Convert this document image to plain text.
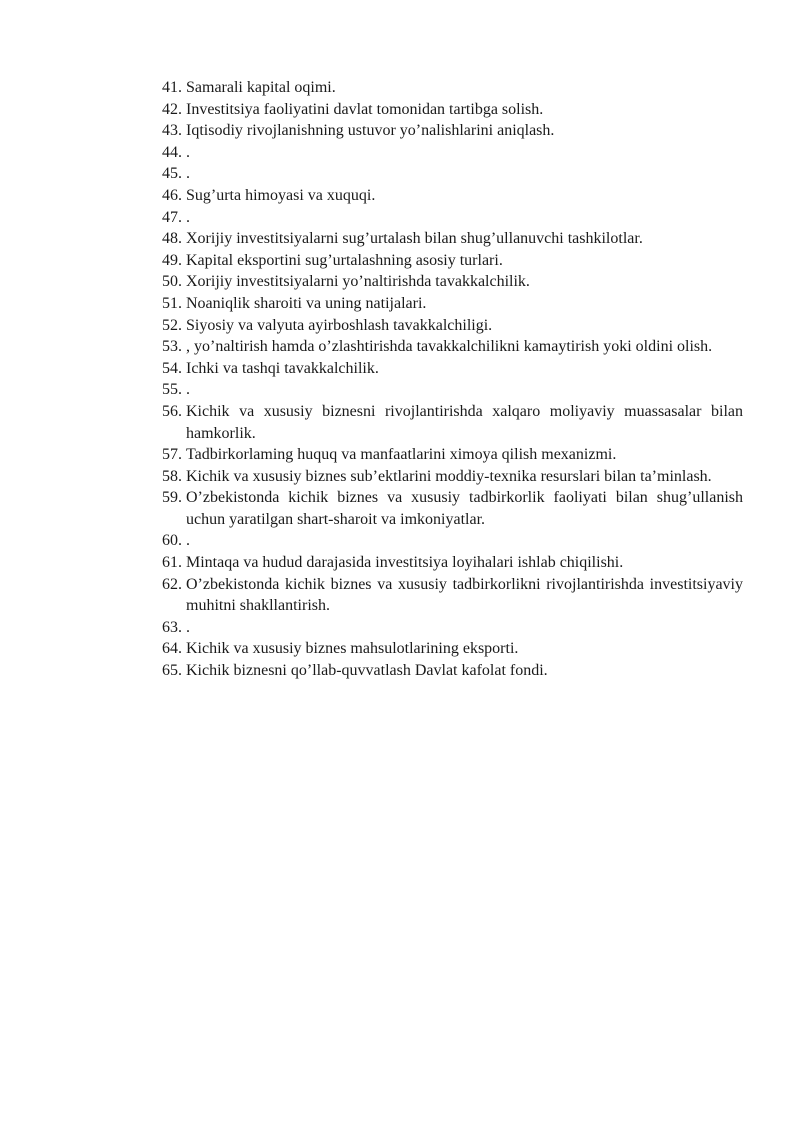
41. Samarali kapital oqimi.
42. Investitsiya faoliyatini davlat tomonidan tartibga solish.
43. Iqtisodiy rivojlanishning ustuvor yo’nalishlarini aniqlash.
44. .
45. .
46. Sug’urta himoyasi va xuquqi.
47. .
48. Xorijiy investitsiyalarni sug’urtalash bilan shug’ullanuvchi tashkilotlar.
49. Kapital eksportini sug’urtalashning asosiy turlari.
50. Xorijiy investitsiyalarni yo’naltirishda tavakkalchilik.
51. Noaniqlik sharoiti va uning natijalari.
52. Siyosiy va valyuta ayirboshlash tavakkalchiligi.
53. , yo’naltirish hamda o’zlashtirishda tavakkalchilikni kamaytirish yoki oldini olish.
54. Ichki va tashqi tavakkalchilik.
55. .
56. Kichik va xususiy biznesni rivojlantirishda xalqaro moliyaviy muassasalar bilan hamkorlik.
57. Tadbirkorlaming huquq va manfaatlarini ximoya qilish mexanizmi.
58. Kichik va xususiy biznes sub’ektlarini moddiy-texnika resurslari bilan ta’minlash.
59. O’zbekistonda kichik biznes va xususiy tadbirkorlik faoliyati bilan shug’ullanish uchun yaratilgan shart-sharoit va imkoniyatlar.
60. .
61. Mintaqa va hudud darajasida investitsiya loyihalari ishlab chiqilishi.
62. O’zbekistonda kichik biznes va xususiy tadbirkorlikni rivojlantirishda investitsiyaviy muhitni shakllantirish.
63. .
64. Kichik va xususiy biznes mahsulotlarining eksporti.
65. Kichik biznesni qo’llab-quvvatlash Davlat kafolat fondi.
